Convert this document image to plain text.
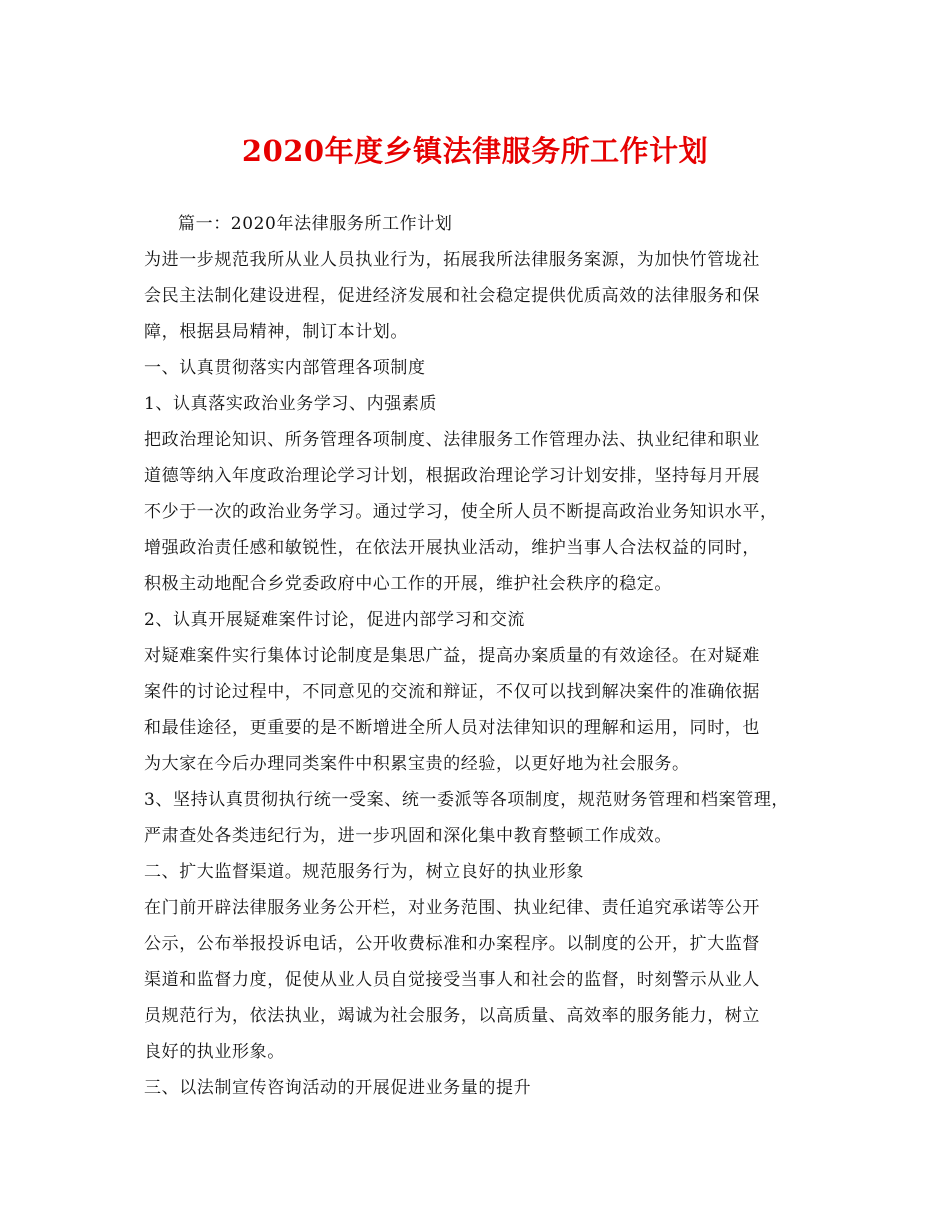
2020年度乡镇法律服务所工作计划
篇一：2020年法律服务所工作计划
为进一步规范我所从业人员执业行为，拓展我所法律服务案源，为加快竹管垅社
会民主法制化建设进程，促进经济发展和社会稳定提供优质高效的法律服务和保
障，根据县局精神，制订本计划。
一、认真贯彻落实内部管理各项制度
1、认真落实政治业务学习、内强素质
把政治理论知识、所务管理各项制度、法律服务工作管理办法、执业纪律和职业
道德等纳入年度政治理论学习计划，根据政治理论学习计划安排，坚持每月开展
不少于一次的政治业务学习。通过学习，使全所人员不断提高政治业务知识水平，
增强政治责任感和敏锐性，在依法开展执业活动，维护当事人合法权益的同时，
积极主动地配合乡党委政府中心工作的开展，维护社会秩序的稳定。
2、认真开展疑难案件讨论，促进内部学习和交流
对疑难案件实行集体讨论制度是集思广益，提高办案质量的有效途径。在对疑难
案件的讨论过程中，不同意见的交流和辩证，不仅可以找到解决案件的准确依据
和最佳途径，更重要的是不断增进全所人员对法律知识的理解和运用，同时，也
为大家在今后办理同类案件中积累宝贵的经验，以更好地为社会服务。
3、坚持认真贯彻执行统一受案、统一委派等各项制度，规范财务管理和档案管理，
严肃查处各类违纪行为，进一步巩固和深化集中教育整顿工作成效。
二、扩大监督渠道。规范服务行为，树立良好的执业形象
在门前开辟法律服务业务公开栏，对业务范围、执业纪律、责任追究承诺等公开
公示，公布举报投诉电话，公开收费标准和办案程序。以制度的公开，扩大监督
渠道和监督力度，促使从业人员自觉接受当事人和社会的监督，时刻警示从业人
员规范行为，依法执业，竭诚为社会服务，以高质量、高效率的服务能力，树立
良好的执业形象。
三、以法制宣传咨询活动的开展促进业务量的提升
